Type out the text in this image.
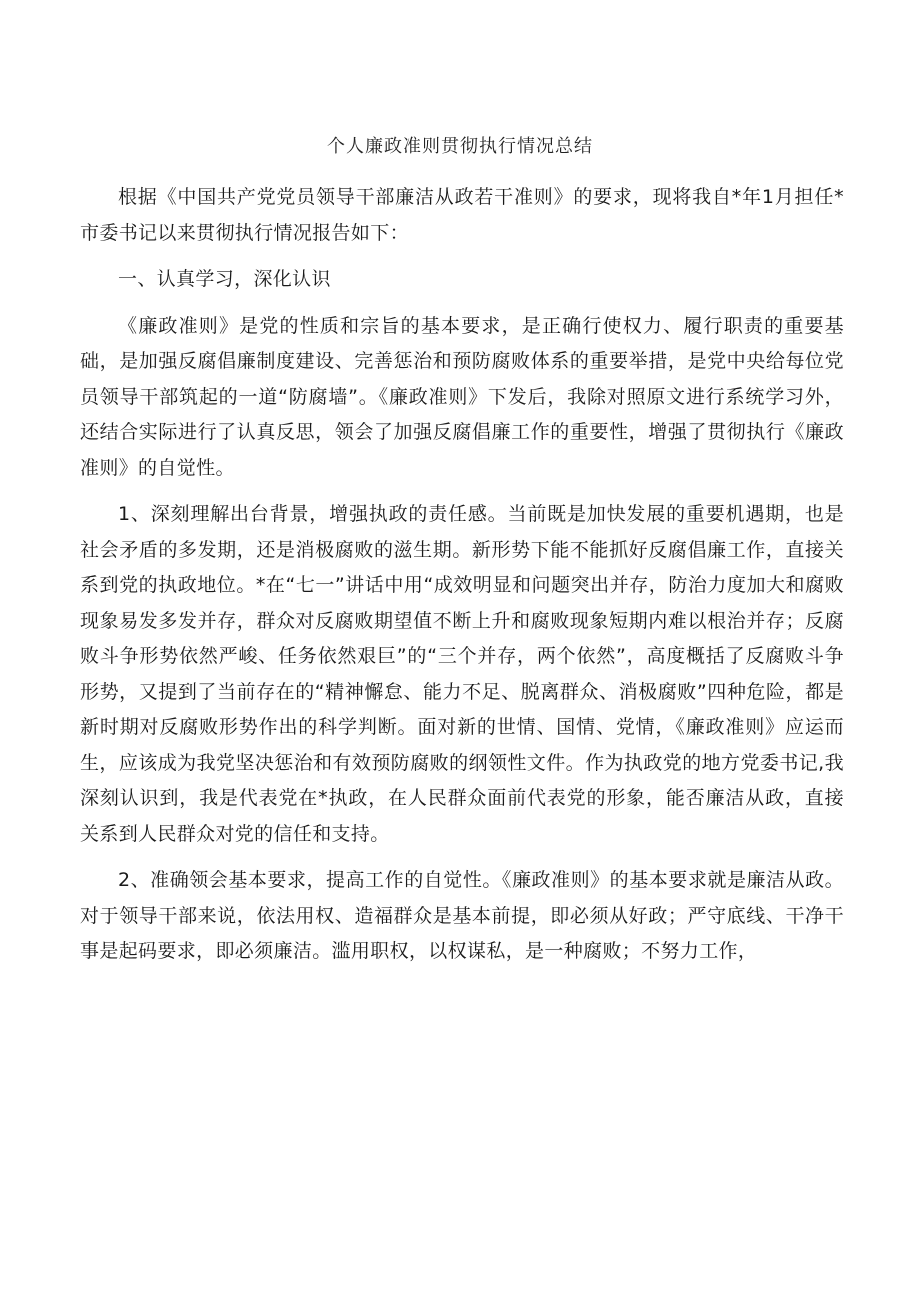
个人廉政准则贯彻执行情况总结

根据《中国共产党党员领导干部廉洁从政若干准则》的要求，现将我自*年1月担任*市委书记以来贯彻执行情况报告如下：

一、认真学习，深化认识

《廉政准则》是党的性质和宗旨的基本要求，是正确行使权力、履行职责的重要基础，是加强反腐倡廉制度建设、完善惩治和预防腐败体系的重要举措，是党中央给每位党员领导干部筑起的一道“防腐墙”。《廉政准则》下发后，我除对照原文进行系统学习外，还结合实际进行了认真反思，领会了加强反腐倡廉工作的重要性，增强了贯彻执行《廉政准则》的自觉性。

1、深刻理解出台背景，增强执政的责任感。当前既是加快发展的重要机遇期，也是社会矛盾的多发期，还是消极腐败的滋生期。新形势下能不能抓好反腐倡廉工作，直接关系到党的执政地位。*在“七一”讲话中用“成效明显和问题突出并存，防治力度加大和腐败现象易发多发并存，群众对反腐败期望值不断上升和腐败现象短期内难以根治并存；反腐败斗争形势依然严峻、任务依然艰巨”的“三个并存，两个依然”，高度概括了反腐败斗争形势，又提到了当前存在的“精神懈怠、能力不足、脱离群众、消极腐败”四种危险，都是新时期对反腐败形势作出的科学判断。面对新的世情、国情、党情，《廉政准则》应运而生，应该成为我党坚决惩治和有效预防腐败的纲领性文件。作为执政党的地方党委书记,我深刻认识到，我是代表党在*执政，在人民群众面前代表党的形象，能否廉洁从政，直接关系到人民群众对党的信任和支持。

2、准确领会基本要求，提高工作的自觉性。《廉政准则》的基本要求就是廉洁从政。对于领导干部来说，依法用权、造福群众是基本前提，即必须从好政；严守底线、干净干事是起码要求，即必须廉洁。滥用职权，以权谋私，是一种腐败；不努力工作，
